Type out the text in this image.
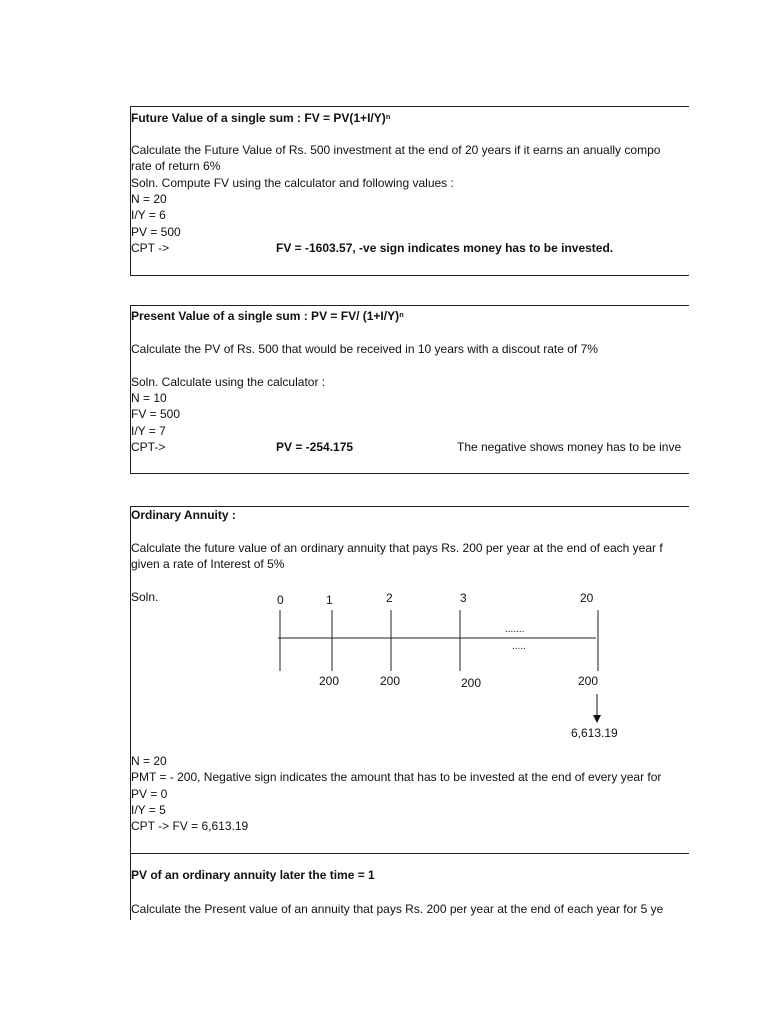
Future Value of a single sum : FV = PV(1+I/Y)ⁿ
Calculate the Future Value of Rs. 500 investment at the end of 20 years if it earns an anually compo
rate of return 6%
Soln. Compute FV using the calculator and following values :
N = 20
I/Y = 6
PV = 500
CPT ->	FV = -1603.57, -ve sign indicates money has to be invested.
Present Value of a single sum : PV = FV/ (1+I/Y)ⁿ
Calculate the PV of Rs. 500 that would be received in 10 years with a discout rate of 7%
Soln. Calculate using the calculator :
N = 10
FV = 500
I/Y = 7
CPT->	PV = -254.175	The negative shows money has to be inve
Ordinary Annuity :
Calculate the future value of an ordinary annuity that pays Rs. 200 per year at the end of each year f
given a rate of Interest of 5%
Soln.	0	1	2	3	20
.......
.....
200	200	200	200
6,613.19
N = 20
PMT = - 200, Negative sign indicates the amount that has to be invested at the end of every year for
PV = 0
I/Y = 5
CPT -> FV = 6,613.19
PV of an ordinary annuity later the time = 1
Calculate the Present value of an annuity that pays Rs. 200 per year at the end of each year for 5 ye
